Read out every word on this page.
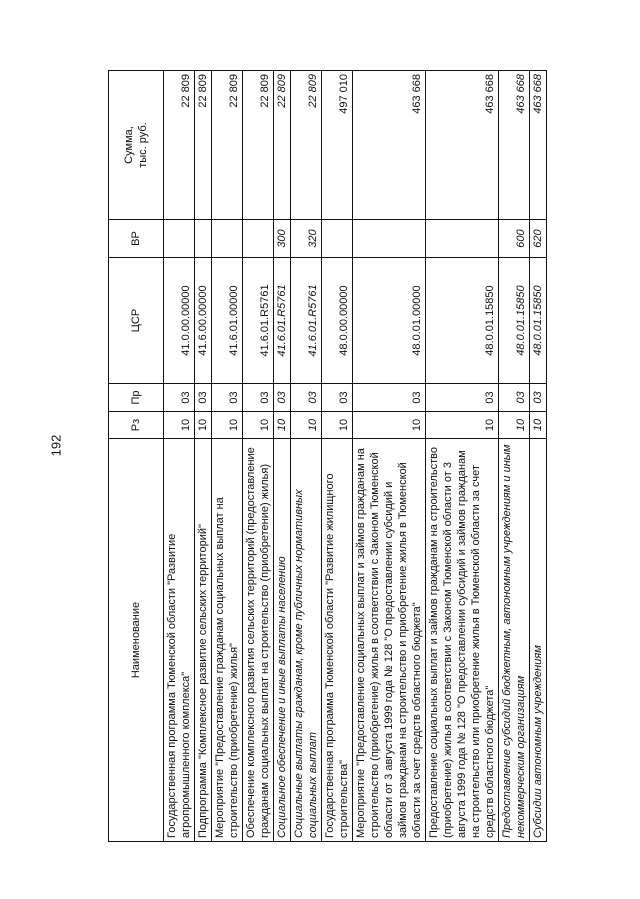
192
Наименование	Рз	Пр	ЦСР	ВР	Сумма, тыс. руб.
Государственная программа Тюменской области "Развитие агропромышленного комплекса"	10	03	41.0.00.00000		22 809
Подпрограмма "Комплексное развитие сельских территорий"	10	03	41.6.00.00000		22 809
Мероприятие "Предоставление гражданам социальных выплат на строительство (приобретение) жилья"	10	03	41.6.01.00000		22 809
Обеспечение комплексного развития сельских территорий (предоставление гражданам социальных выплат на строительство (приобретение) жилья)	10	03	41.6.01.R5761		22 809
Социальное обеспечение и иные выплаты населению	10	03	41.6.01.R5761	300	22 809
Социальные выплаты гражданам, кроме публичных нормативных социальных выплат	10	03	41.6.01.R5761	320	22 809
Государственная программа Тюменской области "Развитие жилищного строительства"	10	03	48.0.00.00000		497 010
Мероприятие "Предоставление социальных выплат и займов гражданам на строительство (приобретение) жилья в соответствии с Законом Тюменской области от 3 августа 1999 года № 128 "О предоставлении субсидий и займов гражданам на строительство и приобретение жилья в Тюменской области за счет средств областного бюджета"	10	03	48.0.01.00000		463 668
Предоставление социальных выплат и займов гражданам на строительство (приобретение) жилья в соответствии с Законом Тюменской области от 3 августа 1999 года № 128 "О предоставлении субсидий и займов гражданам на строительство или приобретение жилья в Тюменской области за счет средств областного бюджета"	10	03	48.0.01.15850		463 668
Предоставление субсидий бюджетным, автономным учреждениям и иным некоммерческим организациям	10	03	48.0.01.15850	600	463 668
Субсидии автономным учреждениям	10	03	48.0.01.15850	620	463 668
